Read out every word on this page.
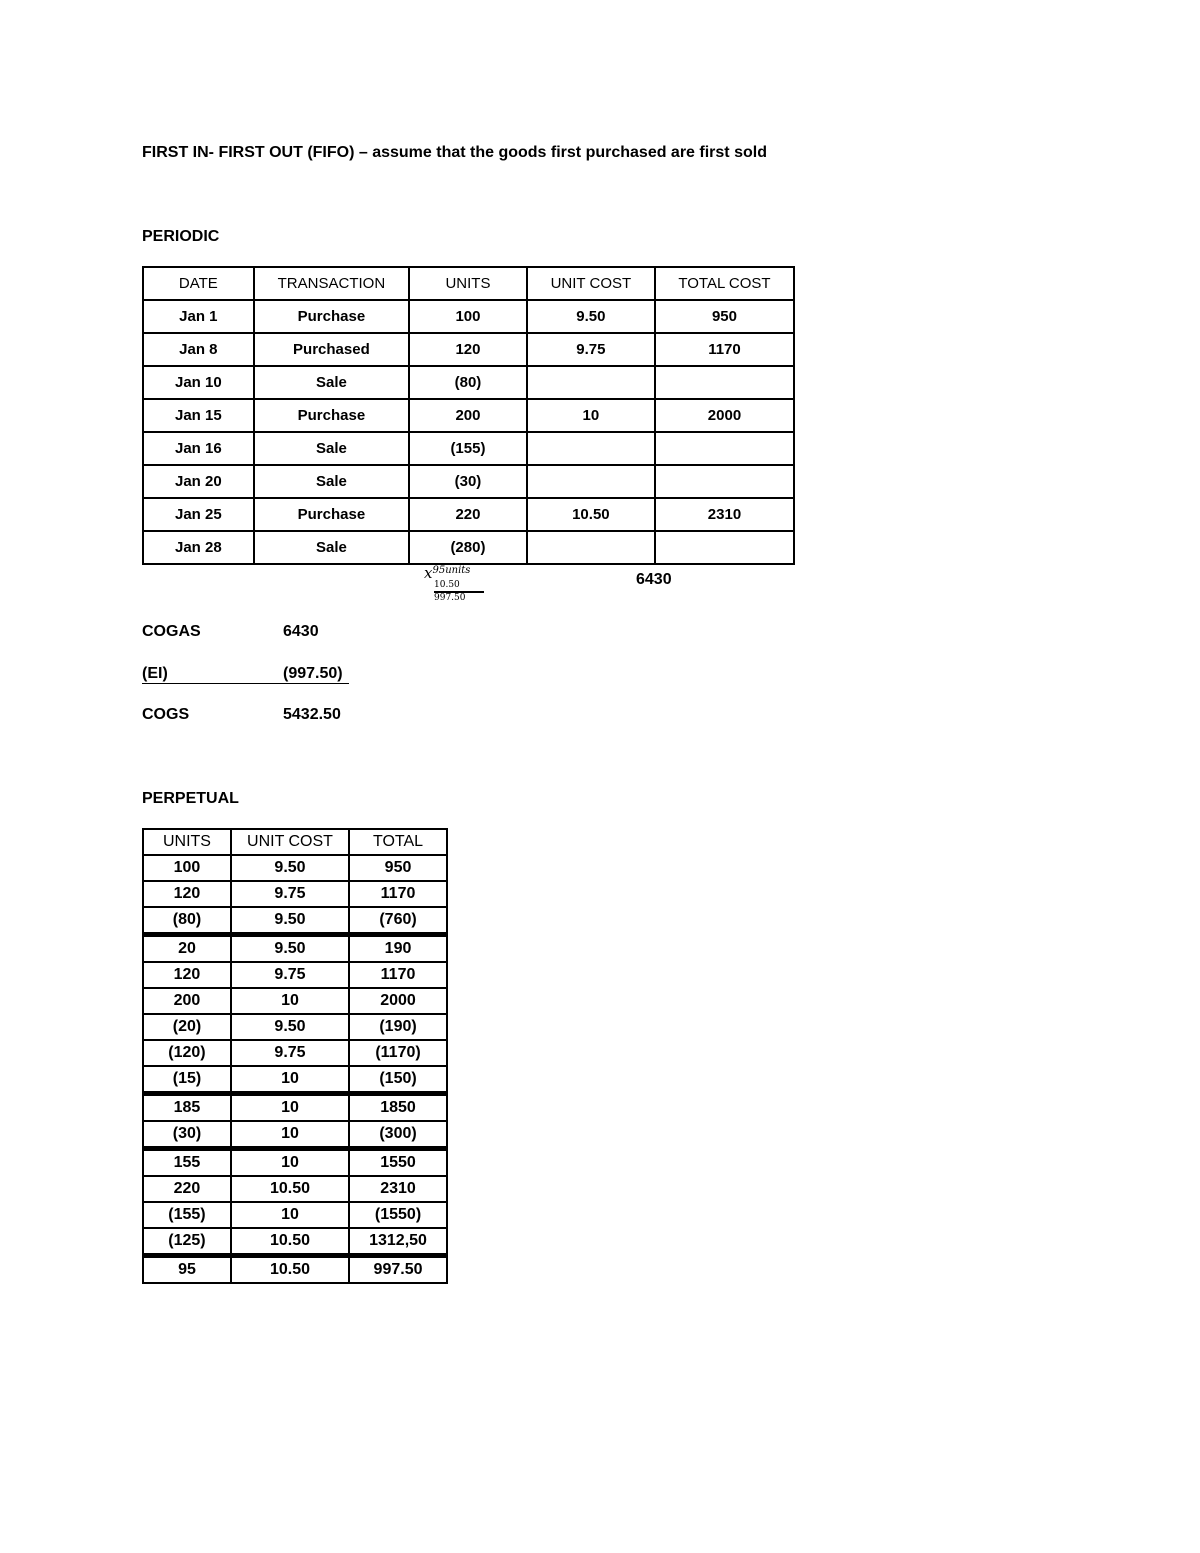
FIRST IN- FIRST OUT (FIFO) – assume that the goods first purchased are first sold
PERIODIC
DATE	TRANSACTION	UNITS	UNIT COST	TOTAL COST
Jan 1	Purchase	100	9.50	950
Jan 8	Purchased	120	9.75	1170
Jan 10	Sale	(80)		
Jan 15	Purchase	200	10	2000
Jan 16	Sale	(155)		
Jan 20	Sale	(30)		
Jan 25	Purchase	220	10.50	2310
Jan 28	Sale	(280)		
$x^{95units}$
10.50
997.50
6430
COGAS	6430
(EI)	(997.50)
COGS	5432.50
PERPETUAL
UNITS	UNIT COST	TOTAL
100	9.50	950
120	9.75	1170
(80)	9.50	(760)
20	9.50	190
120	9.75	1170
200	10	2000
(20)	9.50	(190)
(120)	9.75	(1170)
(15)	10	(150)
185	10	1850
(30)	10	(300)
155	10	1550
220	10.50	2310
(155)	10	(1550)
(125)	10.50	1312,50
95	10.50	997.50
